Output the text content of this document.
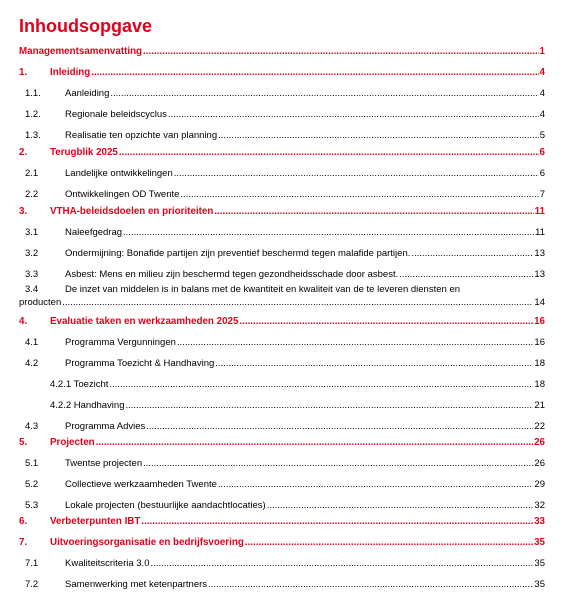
Inhoudsopgave
Managementsamenvatting .....	1
1.	Inleiding .....	4
1.1.	Aanleiding .....	4
1.2.	Regionale beleidscyclus .....	4
1.3.	Realisatie ten opzichte van planning .....	5
2.	Terugblik 2025 .....	6
2.1	Landelijke ontwikkelingen .....	6
2.2	Ontwikkelingen OD Twente .....	7
3.	VTHA-beleidsdoelen en prioriteiten .....	11
3.1	Naleefgedrag .....	11
3.2	Ondermijning: Bonafide partijen zijn preventief beschermd tegen malafide partijen. .....	13
3.3	Asbest: Mens en milieu zijn beschermd tegen gezondheidsschade door asbest. .....	13
3.4	De inzet van middelen is in balans met de kwantiteit en kwaliteit van de te leveren diensten en
producten .....	14
4.	Evaluatie taken en werkzaamheden 2025 .....	16
4.1	Programma Vergunningen .....	16
4.2	Programma Toezicht & Handhaving .....	18
4.2.1 Toezicht .....	18
4.2.2 Handhaving .....	21
4.3	Programma Advies .....	22
5.	Projecten .....	26
5.1	Twentse projecten .....	26
5.2	Collectieve werkzaamheden Twente .....	29
5.3	Lokale projecten (bestuurlijke aandachtlocaties) .....	32
6.	Verbeterpunten IBT .....	33
7.	Uitvoeringsorganisatie en bedrijfsvoering .....	35
7.1	Kwaliteitscriteria 3.0 .....	35
7.2	Samenwerking met ketenpartners .....	35
